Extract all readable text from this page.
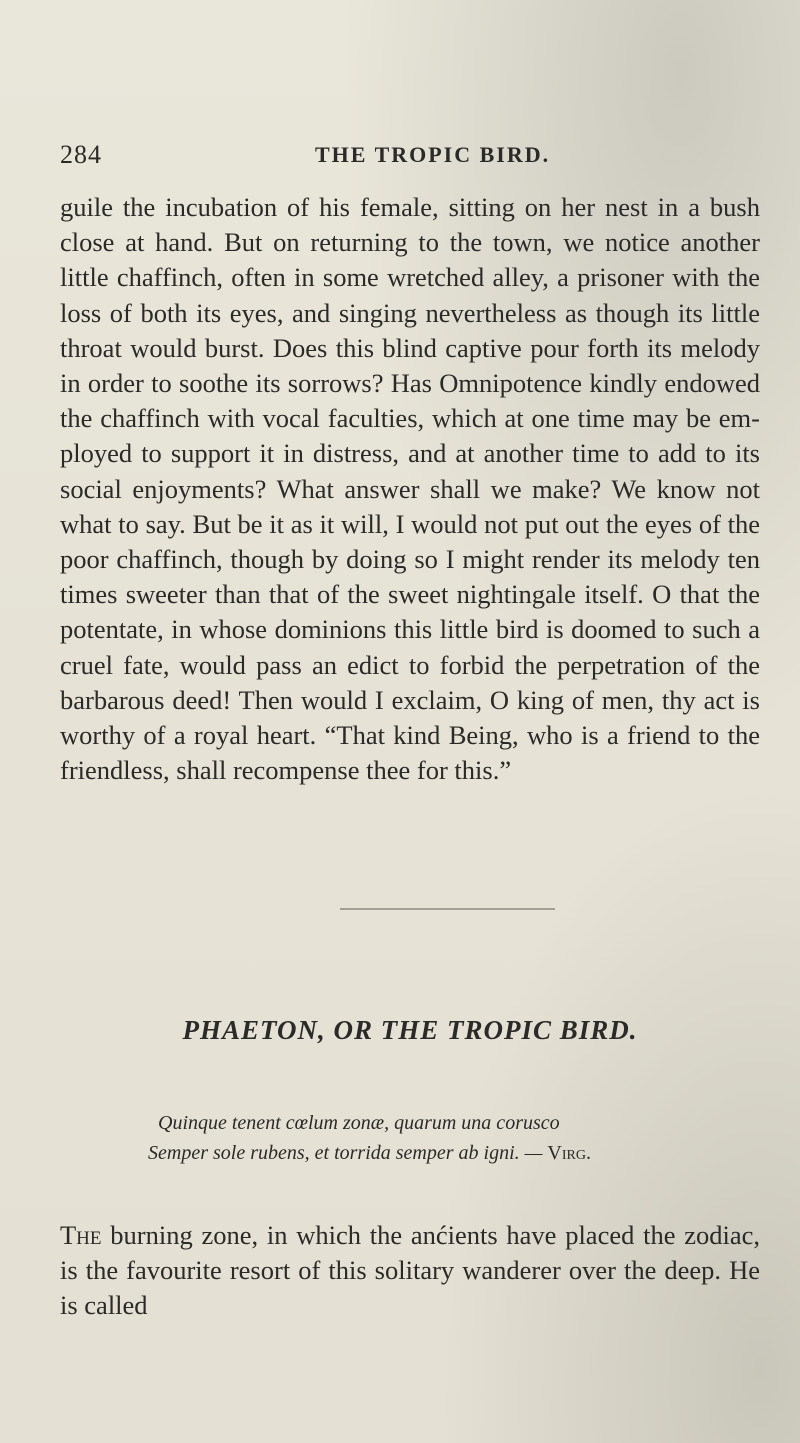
284	THE TROPIC BIRD.

guile the incubation of his female, sitting on her nest in a bush close at hand. But on returning to the town, we notice another little chaffinch, often in some wretched alley, a prisoner with the loss of both its eyes, and singing nevertheless as though its little throat would burst. Does this blind captive pour forth its melody in order to soothe its sorrows? Has Omnipotence kindly endowed the chaffinch with vocal faculties, which at one time may be em-ployed to support it in distress, and at another time to add to its social enjoyments? What answer shall we make? We know not what to say. But be it as it will, I would not put out the eyes of the poor chaffinch, though by doing so I might render its melody ten times sweeter than that of the sweet nightingale itself. O that the potentate, in whose dominions this little bird is doomed to such a cruel fate, would pass an edict to forbid the perpetration of the barbarous deed! Then would I exclaim, O king of men, thy act is worthy of a royal heart. “That kind Being, who is a friend to the friendless, shall recompense thee for this.”

PHAETON, OR THE TROPIC BIRD.
Quinque tenent cœlum zonæ, quarum una corusco
Semper sole rubens, et torrida semper ab igni. — Virg.

The burning zone, in which the anćients have placed the zodiac, is the favourite resort of this solitary wanderer over the deep. He is called
